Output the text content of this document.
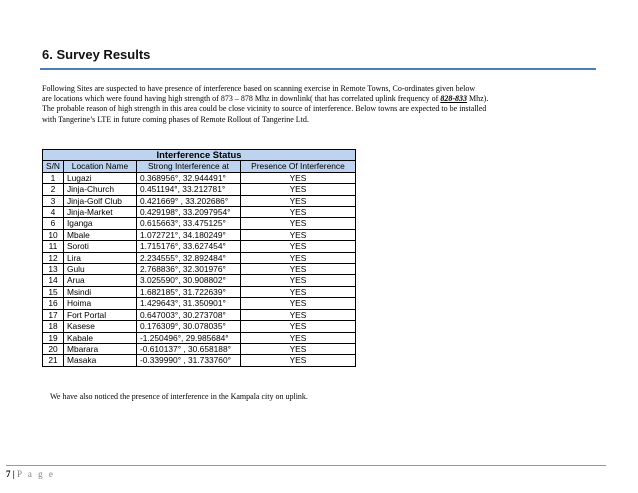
6. Survey Results
Following Sites are suspected to have presence of interference based on scanning exercise in Remote Towns, Co-ordinates given below
are locations which were found having high strength of 873 – 878 Mhz in downlink( that has correlated uplink frequency of 828-833 Mhz).
The probable reason of high strength in this area could be close vicinity to source of interference. Below towns are expected to be installed
with Tangerine’s LTE in future coming phases of Remote Rollout of Tangerine Ltd.
Interference Status			
S/N	Location Name	Strong Interference at	Presence Of Interference
1	Lugazi	0.368956°, 32.944491°	YES
2	Jinja-Church	0.451194°, 33.212781°	YES
3	Jinja-Golf Club	0.421669° , 33.202686°	YES
4	Jinja-Market	0.429198°, 33.2097954°	YES
6	Iganga	0.615663°, 33.475125°	YES
10	Mbale	1.072721°, 34.180249°	YES
11	Soroti	1.715176°, 33.627454°	YES
12	Lira	2.234555°, 32.892484°	YES
13	Gulu	2.768836°, 32.301976°	YES
14	Arua	3.025590°, 30.908802°	YES
15	Msindi	1.682185°, 31.722639°	YES
16	Hoima	1.429643°, 31.350901°	YES
17	Fort Portal	0.647003°, 30.273708°	YES
18	Kasese	0.176309°, 30.078035°	YES
19	Kabale	-1.250496°, 29.985684°	YES
20	Mbarara	-0.610137° , 30.658188°	YES
21	Masaka	-0.339990° , 31.733760°	YES
We have also noticed the presence of interference in the Kampala city on uplink.
7 | P a g e
